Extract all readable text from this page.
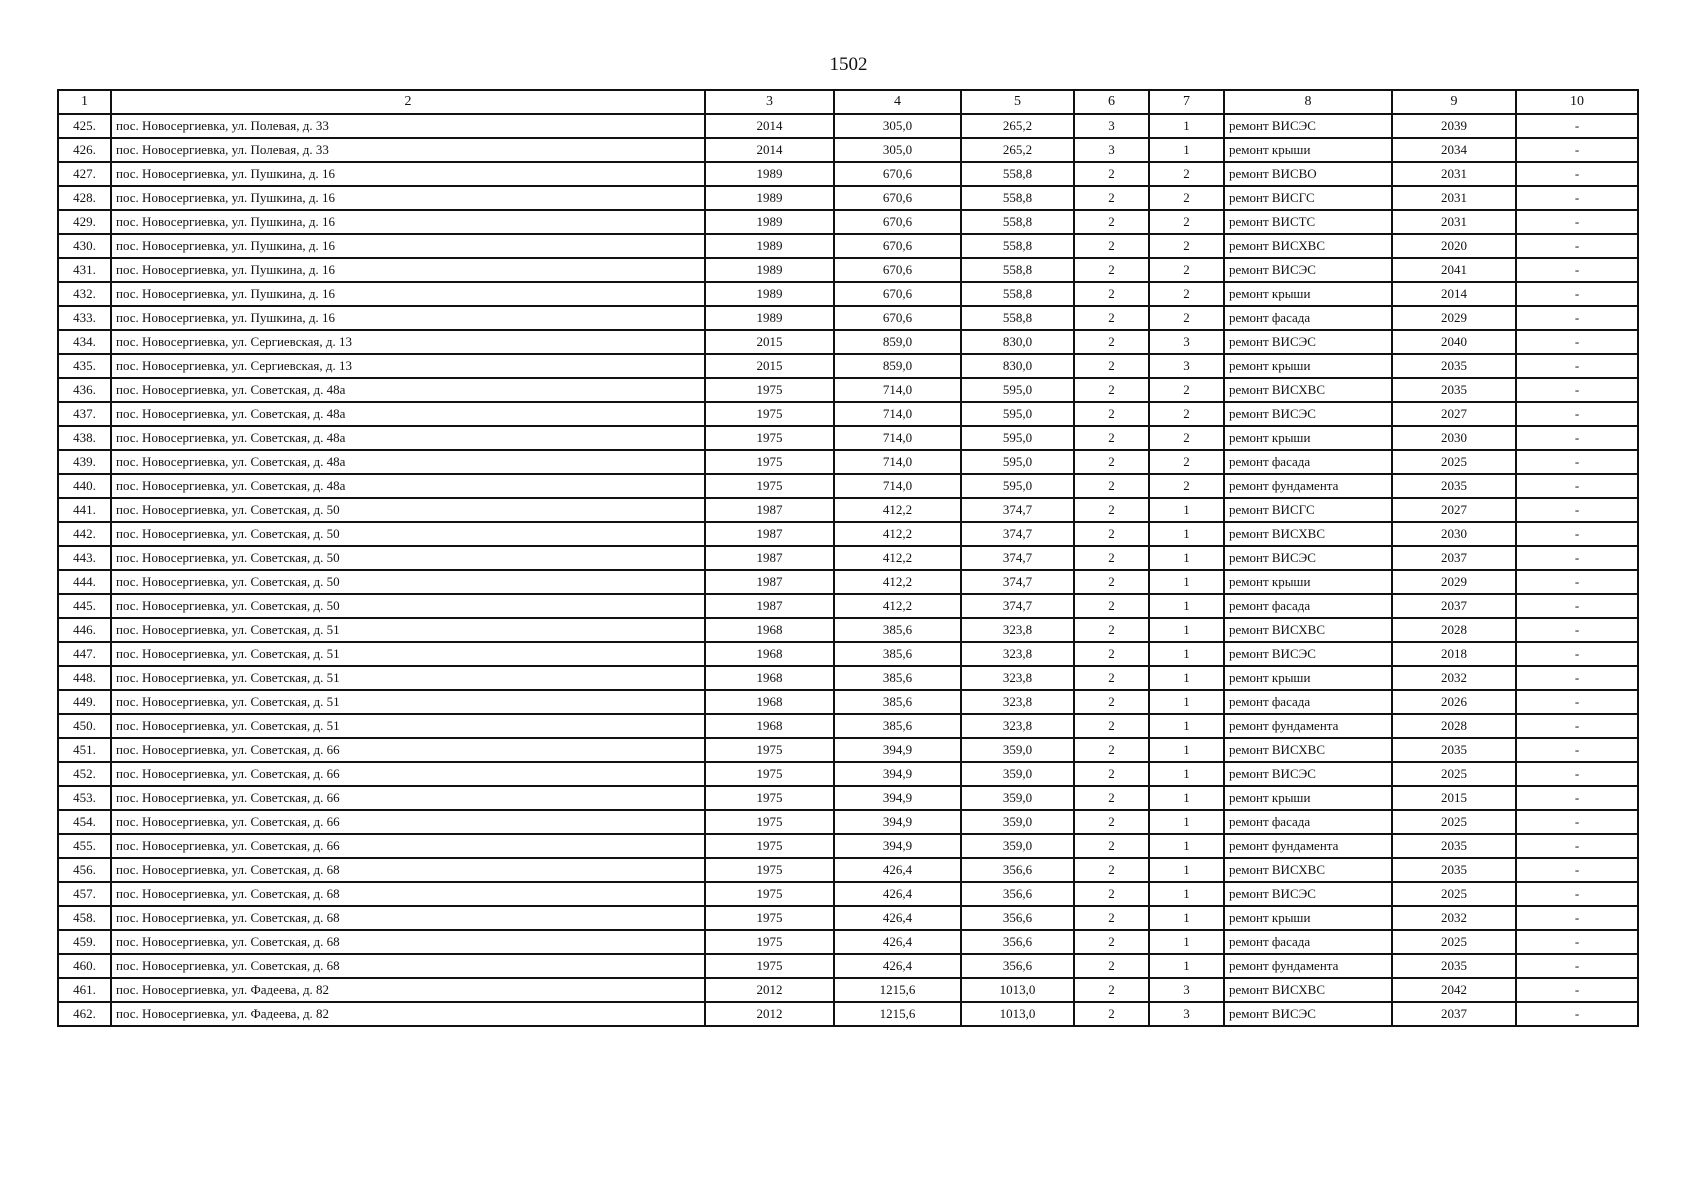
1502
1	2	3	4	5	6	7	8	9	10
425.	пос. Новосергиевка, ул. Полевая, д. 33	2014	305,0	265,2	3	1	ремонт ВИСЭС	2039	-
426.	пос. Новосергиевка, ул. Полевая, д. 33	2014	305,0	265,2	3	1	ремонт крыши	2034	-
427.	пос. Новосергиевка, ул. Пушкина, д. 16	1989	670,6	558,8	2	2	ремонт ВИСВО	2031	-
428.	пос. Новосергиевка, ул. Пушкина, д. 16	1989	670,6	558,8	2	2	ремонт ВИСГС	2031	-
429.	пос. Новосергиевка, ул. Пушкина, д. 16	1989	670,6	558,8	2	2	ремонт ВИСТС	2031	-
430.	пос. Новосергиевка, ул. Пушкина, д. 16	1989	670,6	558,8	2	2	ремонт ВИСХВС	2020	-
431.	пос. Новосергиевка, ул. Пушкина, д. 16	1989	670,6	558,8	2	2	ремонт ВИСЭС	2041	-
432.	пос. Новосергиевка, ул. Пушкина, д. 16	1989	670,6	558,8	2	2	ремонт крыши	2014	-
433.	пос. Новосергиевка, ул. Пушкина, д. 16	1989	670,6	558,8	2	2	ремонт фасада	2029	-
434.	пос. Новосергиевка, ул. Сергиевская, д. 13	2015	859,0	830,0	2	3	ремонт ВИСЭС	2040	-
435.	пос. Новосергиевка, ул. Сергиевская, д. 13	2015	859,0	830,0	2	3	ремонт крыши	2035	-
436.	пос. Новосергиевка, ул. Советская, д. 48а	1975	714,0	595,0	2	2	ремонт ВИСХВС	2035	-
437.	пос. Новосергиевка, ул. Советская, д. 48а	1975	714,0	595,0	2	2	ремонт ВИСЭС	2027	-
438.	пос. Новосергиевка, ул. Советская, д. 48а	1975	714,0	595,0	2	2	ремонт крыши	2030	-
439.	пос. Новосергиевка, ул. Советская, д. 48а	1975	714,0	595,0	2	2	ремонт фасада	2025	-
440.	пос. Новосергиевка, ул. Советская, д. 48а	1975	714,0	595,0	2	2	ремонт фундамента	2035	-
441.	пос. Новосергиевка, ул. Советская, д. 50	1987	412,2	374,7	2	1	ремонт ВИСГС	2027	-
442.	пос. Новосергиевка, ул. Советская, д. 50	1987	412,2	374,7	2	1	ремонт ВИСХВС	2030	-
443.	пос. Новосергиевка, ул. Советская, д. 50	1987	412,2	374,7	2	1	ремонт ВИСЭС	2037	-
444.	пос. Новосергиевка, ул. Советская, д. 50	1987	412,2	374,7	2	1	ремонт крыши	2029	-
445.	пос. Новосергиевка, ул. Советская, д. 50	1987	412,2	374,7	2	1	ремонт фасада	2037	-
446.	пос. Новосергиевка, ул. Советская, д. 51	1968	385,6	323,8	2	1	ремонт ВИСХВС	2028	-
447.	пос. Новосергиевка, ул. Советская, д. 51	1968	385,6	323,8	2	1	ремонт ВИСЭС	2018	-
448.	пос. Новосергиевка, ул. Советская, д. 51	1968	385,6	323,8	2	1	ремонт крыши	2032	-
449.	пос. Новосергиевка, ул. Советская, д. 51	1968	385,6	323,8	2	1	ремонт фасада	2026	-
450.	пос. Новосергиевка, ул. Советская, д. 51	1968	385,6	323,8	2	1	ремонт фундамента	2028	-
451.	пос. Новосергиевка, ул. Советская, д. 66	1975	394,9	359,0	2	1	ремонт ВИСХВС	2035	-
452.	пос. Новосергиевка, ул. Советская, д. 66	1975	394,9	359,0	2	1	ремонт ВИСЭС	2025	-
453.	пос. Новосергиевка, ул. Советская, д. 66	1975	394,9	359,0	2	1	ремонт крыши	2015	-
454.	пос. Новосергиевка, ул. Советская, д. 66	1975	394,9	359,0	2	1	ремонт фасада	2025	-
455.	пос. Новосергиевка, ул. Советская, д. 66	1975	394,9	359,0	2	1	ремонт фундамента	2035	-
456.	пос. Новосергиевка, ул. Советская, д. 68	1975	426,4	356,6	2	1	ремонт ВИСХВС	2035	-
457.	пос. Новосергиевка, ул. Советская, д. 68	1975	426,4	356,6	2	1	ремонт ВИСЭС	2025	-
458.	пос. Новосергиевка, ул. Советская, д. 68	1975	426,4	356,6	2	1	ремонт крыши	2032	-
459.	пос. Новосергиевка, ул. Советская, д. 68	1975	426,4	356,6	2	1	ремонт фасада	2025	-
460.	пос. Новосергиевка, ул. Советская, д. 68	1975	426,4	356,6	2	1	ремонт фундамента	2035	-
461.	пос. Новосергиевка, ул. Фадеева, д. 82	2012	1215,6	1013,0	2	3	ремонт ВИСХВС	2042	-
462.	пос. Новосергиевка, ул. Фадеева, д. 82	2012	1215,6	1013,0	2	3	ремонт ВИСЭС	2037	-
